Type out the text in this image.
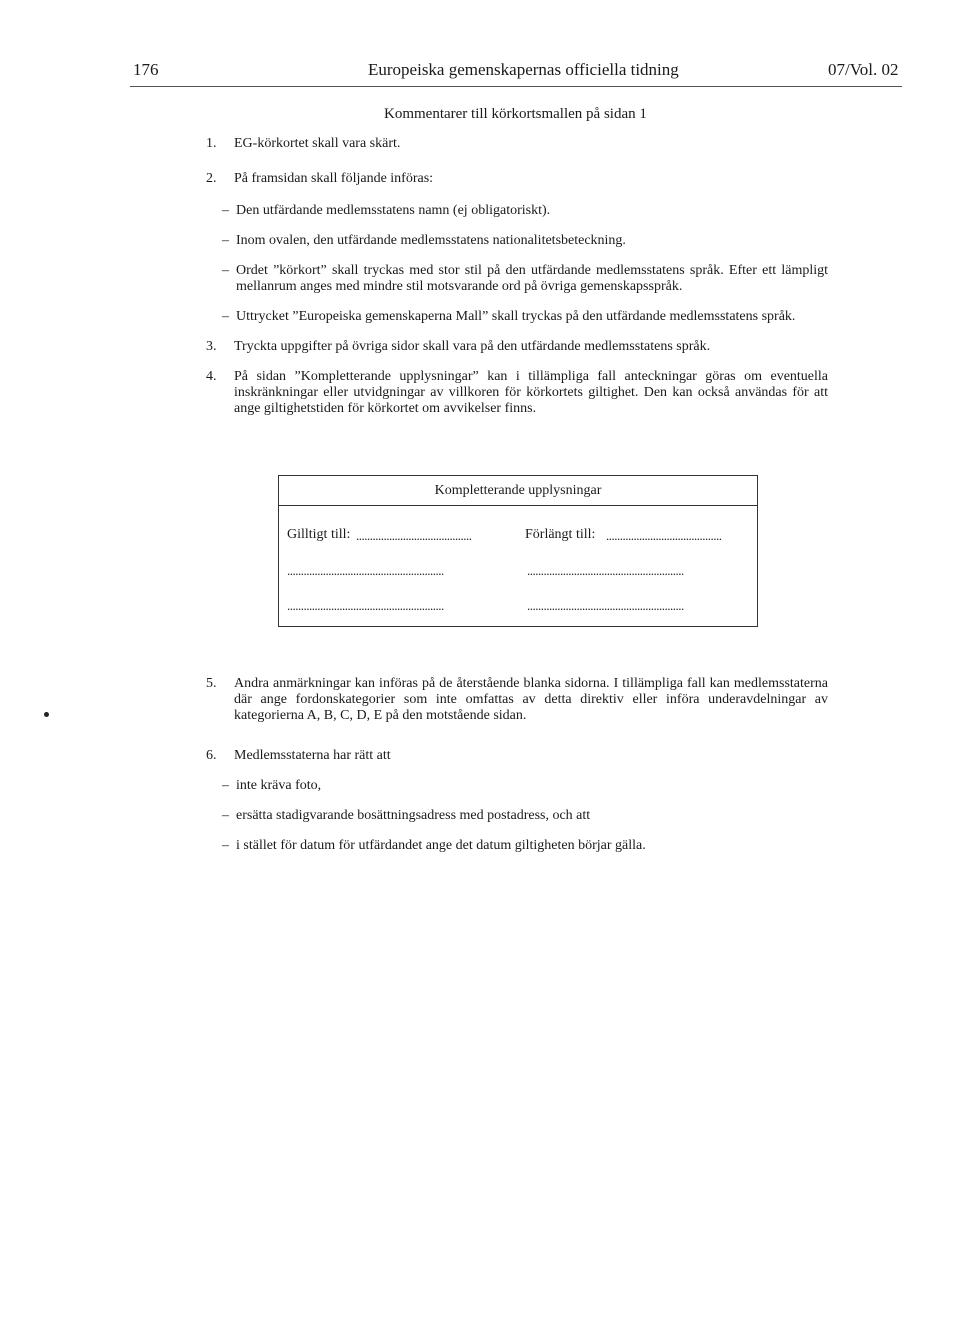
176	Europeiska gemenskapernas officiella tidning	07/Vol. 02
Kommentarer till körkortsmallen på sidan 1
1. EG-körkortet skall vara skärt.
2. På framsidan skall följande införas:
– Den utfärdande medlemsstatens namn (ej obligatoriskt).
– Inom ovalen, den utfärdande medlemsstatens nationalitetsbeteckning.
– Ordet ”körkort” skall tryckas med stor stil på den utfärdande medlemsstatens språk. Efter ett lämpligt mellanrum anges med mindre stil motsvarande ord på övriga gemenskapsspråk.
– Uttrycket ”Europeiska gemenskaperna Mall” skall tryckas på den utfärdande medlemsstatens språk.
3. Tryckta uppgifter på övriga sidor skall vara på den utfärdande medlemsstatens språk.
4. På sidan ”Kompletterande upplysningar” kan i tillämpliga fall anteckningar göras om eventuella inskränkningar eller utvidgningar av villkoren för körkortets giltighet. Den kan också användas för att ange giltighetstiden för körkortet om avvikelser finns.
Kompletterande upplysningar
Gilltigt till: ..........................................	Förlängt till: ..........................................
.........................................................	.........................................................
.........................................................	.........................................................
5. Andra anmärkningar kan införas på de återstående blanka sidorna. I tillämpliga fall kan medlemsstaterna där ange fordonskategorier som inte omfattas av detta direktiv eller införa underavdelningar av kategorierna A, B, C, D, E på den motstående sidan.
6. Medlemsstaterna har rätt att
– inte kräva foto,
– ersätta stadigvarande bosättningsadress med postadress, och att
– i stället för datum för utfärdandet ange det datum giltigheten börjar gälla.
